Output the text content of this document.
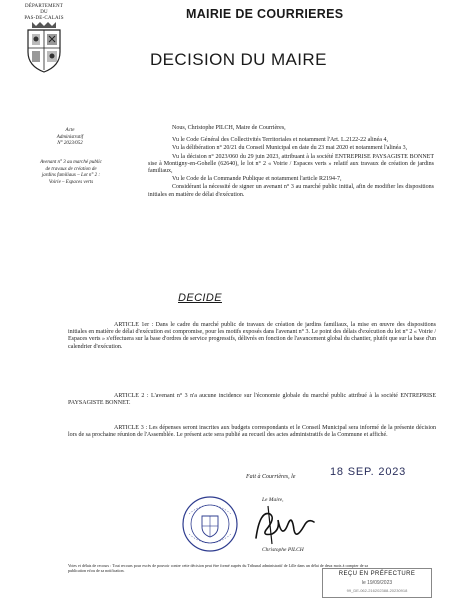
DÉPARTEMENT
DU
PAS-DE-CALAIS	MAIRIE DE COURRIERES
DECISION DU MAIRE
Acte
Administratif
N° 2023/052
Avenant n° 3 au marché public de travaux de création de jardins familiaux – Lot n° 2 : Voirie – Espaces verts

Nous, Christophe PILCH, Maire de Courrières,

Vu le Code Général des Collectivités Territoriales et notamment l'Art. L.2122-22 alinéa 4,

Vu la délibération n° 20/21 du Conseil Municipal en date du 23 mai 2020 et notamment l'alinéa 3,

Vu la décision n° 2023/060 du 29 juin 2023, attribuant à la société ENTREPRISE PAYSAGISTE BONNET sise à Montigny-en-Gohelle (62640), le lot n° 2 « Voirie / Espaces verts » relatif aux travaux de création de jardins familiaux,

Vu le Code de la Commande Publique et notamment l'article R2194-7,

Considérant la nécessité de signer un avenant n° 3 au marché public initial, afin de modifier les dispositions initiales en matière de délai d'exécution.

DECIDE

ARTICLE 1er : Dans le cadre du marché public de travaux de création de jardins familiaux, la mise en œuvre des dispositions initiales en matière de délai d'exécution est compromise, pour les motifs exposés dans l'avenant n° 3. Le point des délais d'exécution du lot n° 2 « Voirie / Espaces verts » s'effectuera sur la base d'ordres de service progressifs, délivrés en fonction de l'avancement global du chantier, plutôt que sur la base d'un calendrier d'exécution.

ARTICLE 2 : L'avenant n° 3 n'a aucune incidence sur l'économie globale du marché public attribué à la société ENTREPRISE PAYSAGISTE BONNET.

ARTICLE 3 : Les dépenses seront inscrites aux budgets correspondants et le Conseil Municipal sera informé de la présente décision lors de sa prochaine réunion de l'Assemblée. Le présent acte sera publié au recueil des actes administratifs de la Commune et affiché.

Fait à Courrières, le	18 SEP. 2023
Le Maire,
Christophe PILCH
Voies et délais de recours : Tout recours pour excès de pouvoir contre cette décision peut être formé auprès du Tribunal administratif de Lille dans un délai de deux mois à compter de sa publication et/ou de sa notification.
REÇU EN PRÉFECTURE
le 19/09/2023
99_DE-062-216202388-20230918
